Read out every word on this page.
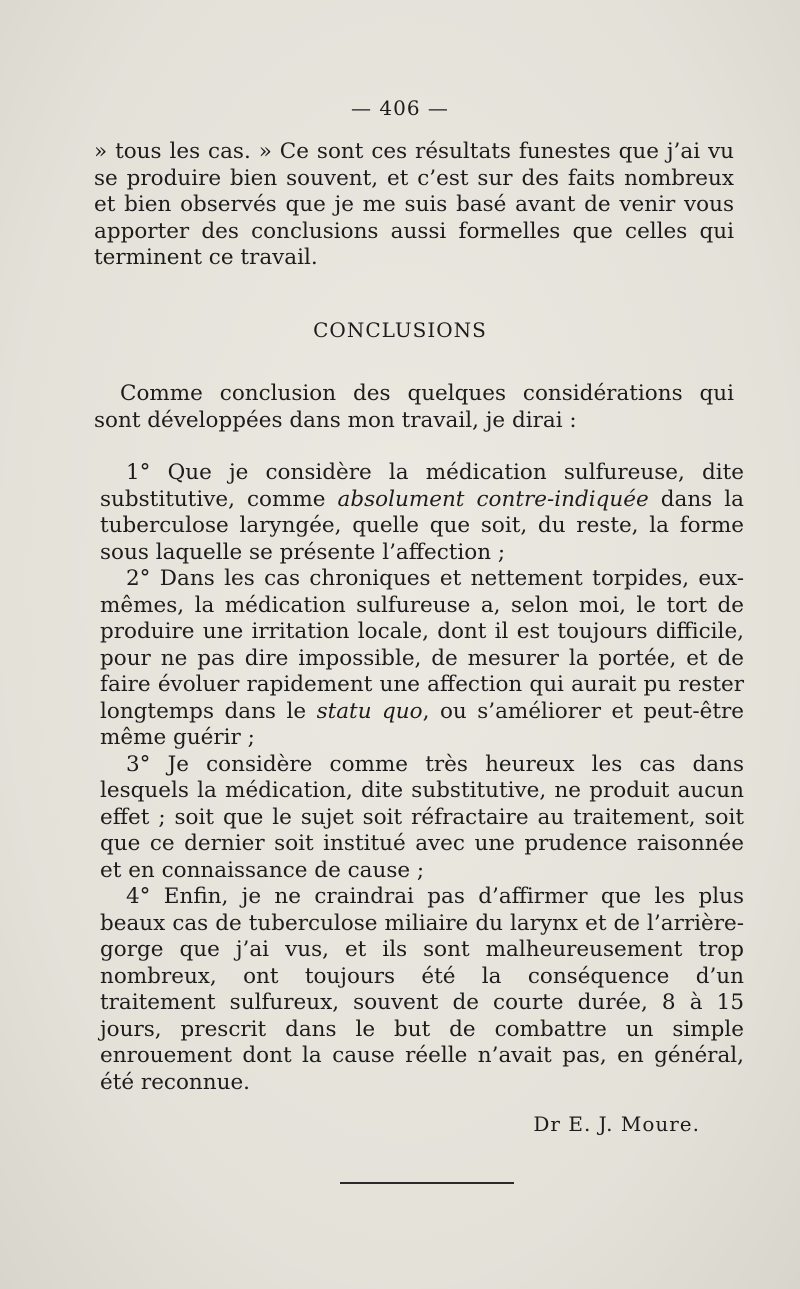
— 406 —

» tous les cas. » Ce sont ces résultats funestes que j’ai vu se produire bien souvent, et c’est sur des faits nombreux et bien observés que je me suis basé avant de venir vous apporter des conclusions aussi formelles que celles qui terminent ce travail.

CONCLUSIONS

Comme conclusion des quelques considérations qui sont développées dans mon travail, je dirai :

1° Que je considère la médication sulfureuse, dite substitutive, comme absolument contre-indiquée dans la tuberculose laryngée, quelle que soit, du reste, la forme sous laquelle se présente l’affection ;

2° Dans les cas chroniques et nettement torpides, eux-mêmes, la médication sulfureuse a, selon moi, le tort de produire une irritation locale, dont il est toujours difficile, pour ne pas dire impossible, de mesurer la portée, et de faire évoluer rapidement une affection qui aurait pu rester longtemps dans le statu quo, ou s’améliorer et peut-être même guérir ;

3° Je considère comme très heureux les cas dans lesquels la médication, dite substitutive, ne produit aucun effet ; soit que le sujet soit réfractaire au traitement, soit que ce dernier soit institué avec une prudence raisonnée et en connaissance de cause ;

4° Enfin, je ne craindrai pas d’affirmer que les plus beaux cas de tuberculose miliaire du larynx et de l’arrière-gorge que j’ai vus, et ils sont malheureusement trop nombreux, ont toujours été la conséquence d’un traitement sulfureux, souvent de courte durée, 8 à 15 jours, prescrit dans le but de combattre un simple enrouement dont la cause réelle n’avait pas, en général, été reconnue.

Dr E. J. Moure.
